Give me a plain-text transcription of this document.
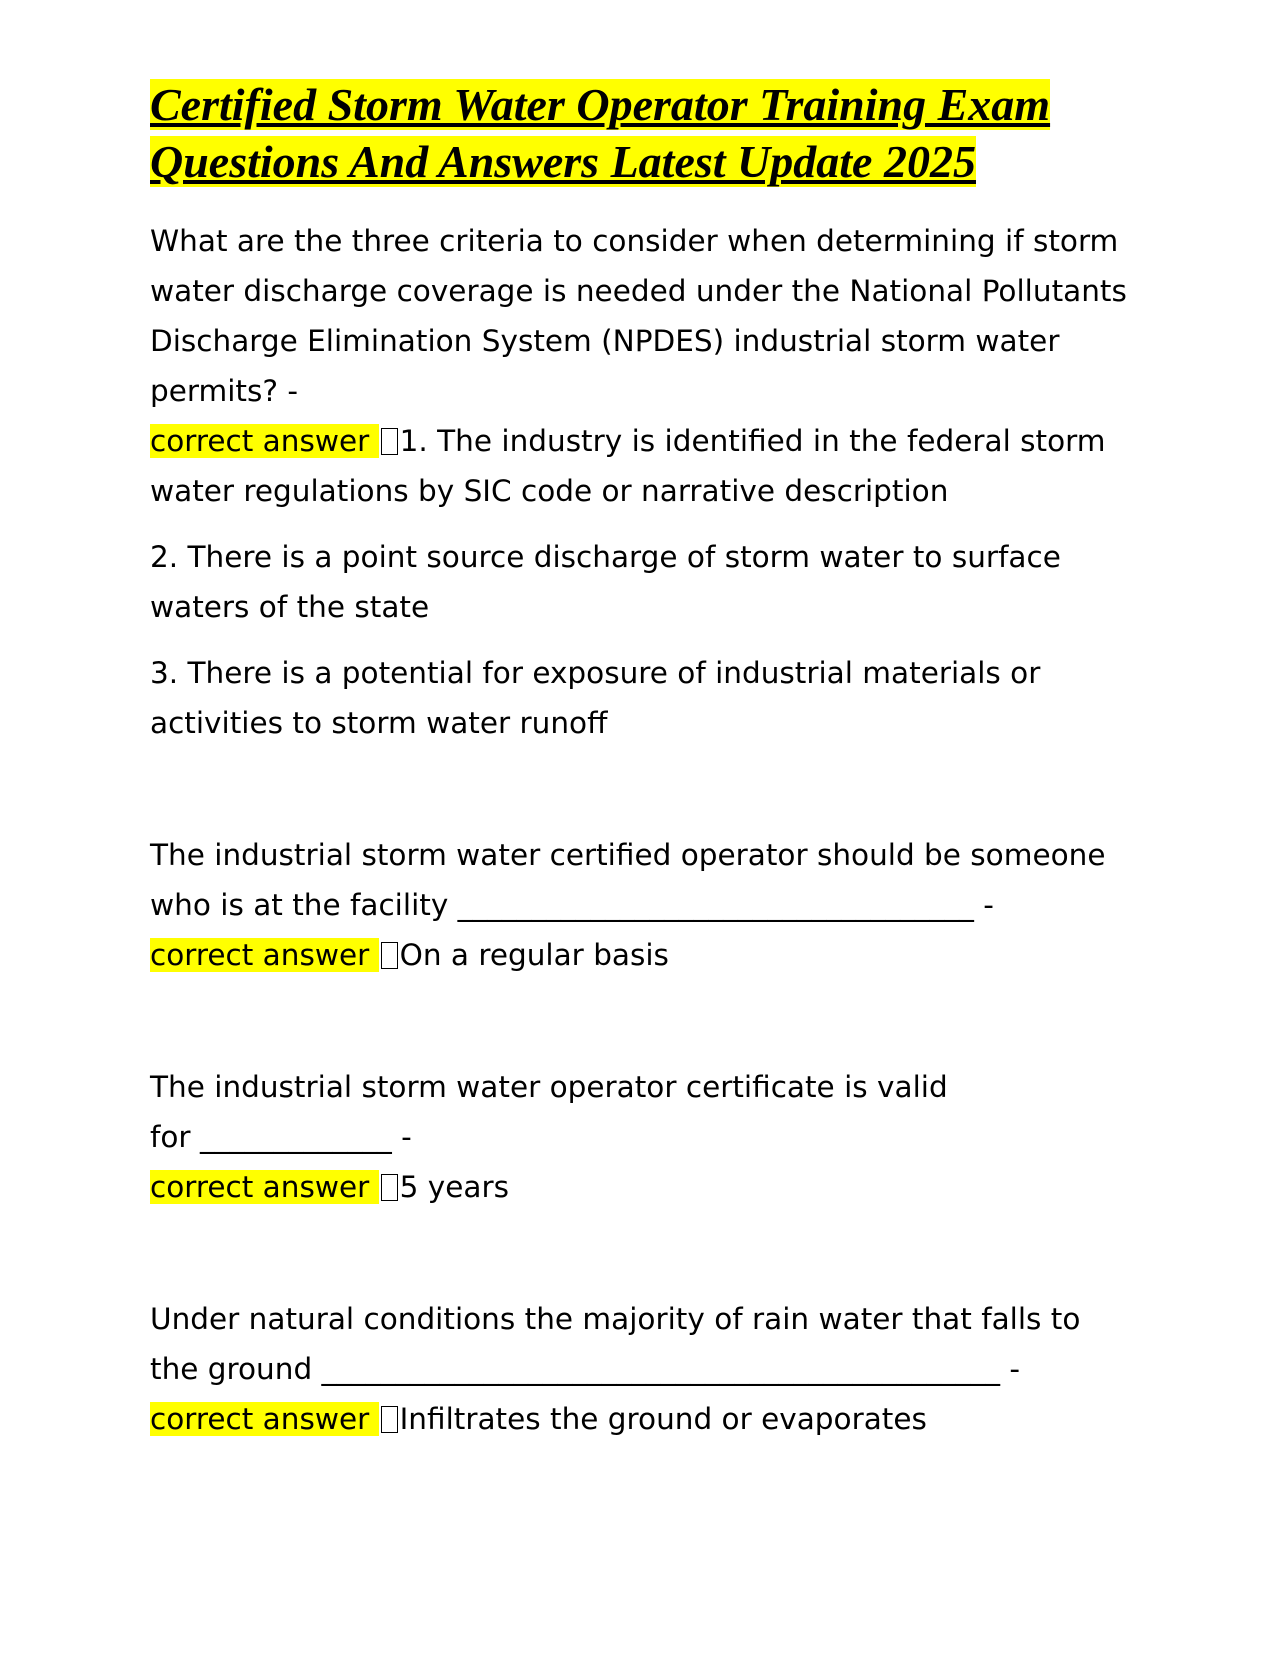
Certified Storm Water Operator Training Exam Questions And Answers Latest Update 2025

What are the three criteria to consider when determining if storm water discharge coverage is needed under the National Pollutants Discharge Elimination System (NPDES) industrial storm water permits? -

correct answer 1. The industry is identified in the federal storm water regulations by SIC code or narrative description

2. There is a point source discharge of storm water to surface waters of the state

3. There is a potential for exposure of industrial materials or activities to storm water runoff

The industrial storm water certified operator should be someone who is at the facility ___________________________________ -

correct answer On a regular basis

The industrial storm water operator certificate is valid for _____________ -

correct answer 5 years

Under natural conditions the majority of rain water that falls to the ground ______________________________________________ -

correct answer Infiltrates the ground or evaporates
